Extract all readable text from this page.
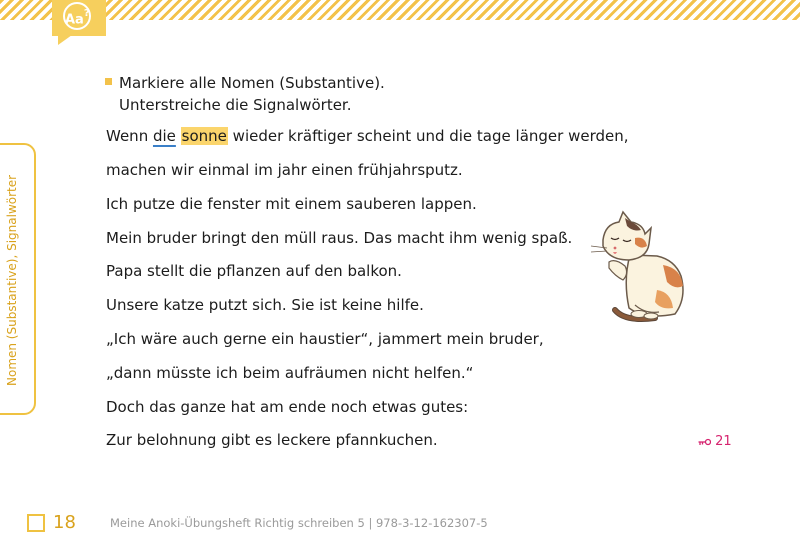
Aa?
Nomen (Substantive), Signalwörter
Markiere alle Nomen (Substantive).
Unterstreiche die Signalwörter.
Wenn die sonne wieder kräftiger scheint und die tage länger werden,
machen wir einmal im jahr einen frühjahrsputz.
Ich putze die fenster mit einem sauberen lappen.
Mein bruder bringt den müll raus. Das macht ihm wenig spaß.
Papa stellt die pflanzen auf den balkon.
Unsere katze putzt sich. Sie ist keine hilfe.
„Ich wäre auch gerne ein haustier“, jammert mein bruder,
„dann müsste ich beim aufräumen nicht helfen.“
Doch das ganze hat am ende noch etwas gutes:
Zur belohnung gibt es leckere pfannkuchen.	21
18	Meine Anoki-Übungsheft Richtig schreiben 5 | 978-3-12-162307-5
